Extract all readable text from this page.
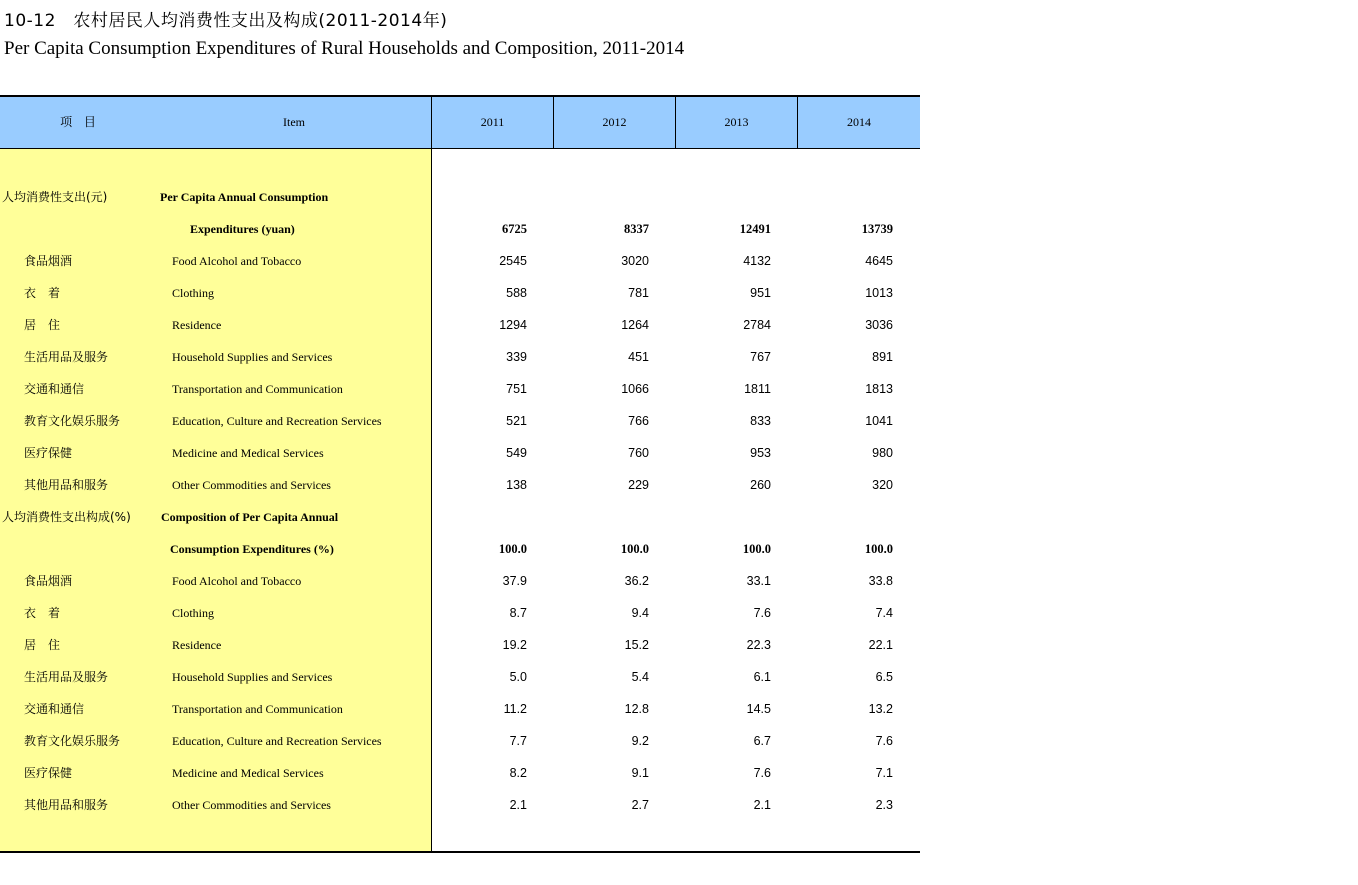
10-12　农村居民人均消费性支出及构成(2011-2014年)
Per Capita Consumption Expenditures of Rural Households and Composition, 2011-2014
项 目	Item	2011	2012	2013	2014
人均消费性支出(元)	Per Capita Annual Consumption
Expenditures (yuan)	6725	8337	12491	13739
食品烟酒	Food Alcohol and Tobacco	2545	3020	4132	4645
衣　着	Clothing	588	781	951	1013
居　住	Residence	1294	1264	2784	3036
生活用品及服务	Household Supplies and Services	339	451	767	891
交通和通信	Transportation and Communication	751	1066	1811	1813
教育文化娱乐服务	Education, Culture and Recreation Services	521	766	833	1041
医疗保健	Medicine and Medical Services	549	760	953	980
其他用品和服务	Other Commodities and Services	138	229	260	320
人均消费性支出构成(%)	Composition of Per Capita Annual
Consumption Expenditures (%)	100.0	100.0	100.0	100.0
食品烟酒	Food Alcohol and Tobacco	37.9	36.2	33.1	33.8
衣　着	Clothing	8.7	9.4	7.6	7.4
居　住	Residence	19.2	15.2	22.3	22.1
生活用品及服务	Household Supplies and Services	5.0	5.4	6.1	6.5
交通和通信	Transportation and Communication	11.2	12.8	14.5	13.2
教育文化娱乐服务	Education, Culture and Recreation Services	7.7	9.2	6.7	7.6
医疗保健	Medicine and Medical Services	8.2	9.1	7.6	7.1
其他用品和服务	Other Commodities and Services	2.1	2.7	2.1	2.3
